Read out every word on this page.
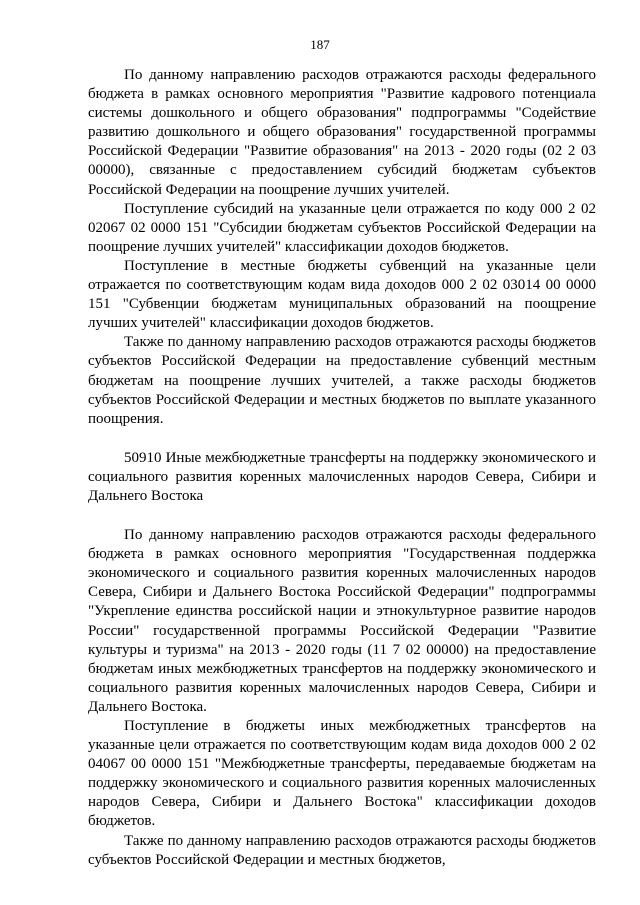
187

По данному направлению расходов отражаются расходы федерального бюджета в рамках основного мероприятия "Развитие кадрового потенциала системы дошкольного и общего образования" подпрограммы "Содействие развитию дошкольного и общего образования" государственной программы Российской Федерации "Развитие образования" на 2013 - 2020 годы (02 2 03 00000), связанные с предоставлением субсидий бюджетам субъектов Российской Федерации на поощрение лучших учителей.

Поступление субсидий на указанные цели отражается по коду 000 2 02 02067 02 0000 151 "Субсидии бюджетам субъектов Российской Федерации на поощрение лучших учителей" классификации доходов бюджетов.

Поступление в местные бюджеты субвенций на указанные цели отражается по соответствующим кодам вида доходов 000 2 02 03014 00 0000 151 "Субвенции бюджетам муниципальных образований на поощрение лучших учителей" классификации доходов бюджетов.

Также по данному направлению расходов отражаются расходы бюджетов субъектов Российской Федерации на предоставление субвенций местным бюджетам на поощрение лучших учителей, а также расходы бюджетов субъектов Российской Федерации и местных бюджетов по выплате указанного поощрения.

50910 Иные межбюджетные трансферты на поддержку экономического и социального развития коренных малочисленных народов Севера, Сибири и Дальнего Востока

По данному направлению расходов отражаются расходы федерального бюджета в рамках основного мероприятия "Государственная поддержка экономического и социального развития коренных малочисленных народов Севера, Сибири и Дальнего Востока Российской Федерации" подпрограммы "Укрепление единства российской нации и этнокультурное развитие народов России" государственной программы Российской Федерации "Развитие культуры и туризма" на 2013 - 2020 годы (11 7 02 00000) на предоставление бюджетам иных межбюджетных трансфертов на поддержку экономического и социального развития коренных малочисленных народов Севера, Сибири и Дальнего Востока.

Поступление в бюджеты иных межбюджетных трансфертов на указанные цели отражается по соответствующим кодам вида доходов 000 2 02 04067 00 0000 151 "Межбюджетные трансферты, передаваемые бюджетам на поддержку экономического и социального развития коренных малочисленных народов Севера, Сибири и Дальнего Востока" классификации доходов бюджетов.

Также по данному направлению расходов отражаются расходы бюджетов субъектов Российской Федерации и местных бюджетов,
